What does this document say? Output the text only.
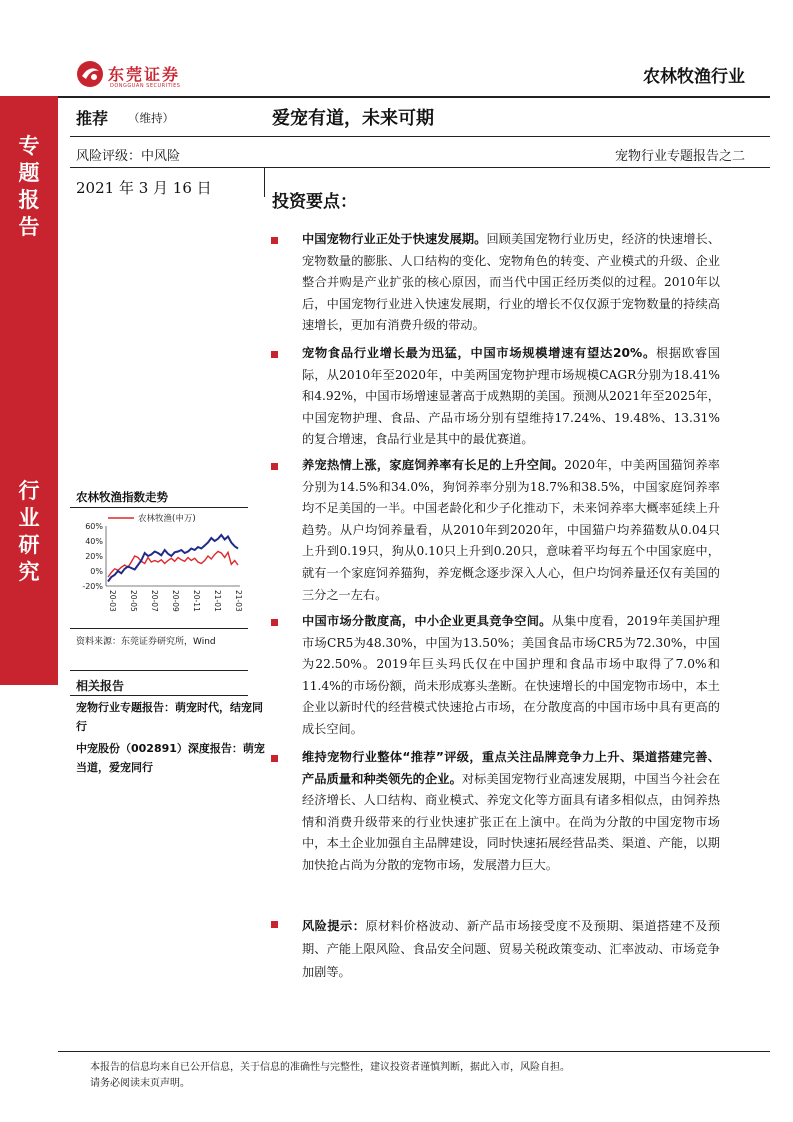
专
题
报
告
行
业
研
究
东莞证券
DONGGUAN SECURITIES	农林牧渔行业
推荐 （维持）	爱宠有道，未来可期
风险评级：中风险	宠物行业专题报告之二
2021 年 3 月 16 日
农林牧渔指数走势
60%
40%
20%
0%
-20%
20-03 20-05 20-07 20-09 20-11 21-01 21-03
农林牧渔(申万)
资料来源：东莞证券研究所，Wind
相关报告
宠物行业专题报告：萌宠时代，结宠同行
中宠股份（002891）深度报告：萌宠当道，爱宠同行
投资要点：
中国宠物行业正处于快速发展期。回顾美国宠物行业历史，经济的快速增长、宠物数量的膨胀、人口结构的变化、宠物角色的转变、产业模式的升级、企业整合并购是产业扩张的核心原因，而当代中国正经历类似的过程。2010年以后，中国宠物行业进入快速发展期，行业的增长不仅仅源于宠物数量的持续高速增长，更加有消费升级的带动。
宠物食品行业增长最为迅猛，中国市场规模增速有望达20%。根据欧睿国际，从2010年至2020年，中美两国宠物护理市场规模CAGR分别为18.41%和4.92%，中国市场增速显著高于成熟期的美国。预测从2021年至2025年，中国宠物护理、食品、产品市场分别有望维持17.24%、19.48%、13.31%的复合增速，食品行业是其中的最优赛道。
养宠热情上涨，家庭饲养率有长足的上升空间。2020年，中美两国猫饲养率分别为14.5%和34.0%，狗饲养率分别为18.7%和38.5%，中国家庭饲养率均不足美国的一半。中国老龄化和少子化推动下，未来饲养率大概率延续上升趋势。从户均饲养量看，从2010年到2020年，中国猫户均养猫数从0.04只上升到0.19只，狗从0.10只上升到0.20只，意味着平均每五个中国家庭中，就有一个家庭饲养猫狗，养宠概念逐步深入人心，但户均饲养量还仅有美国的三分之一左右。
中国市场分散度高，中小企业更具竞争空间。从集中度看，2019年美国护理市场CR5为48.30%，中国为13.50%；美国食品市场CR5为72.30%，中国为22.50%。2019年巨头玛氏仅在中国护理和食品市场中取得了7.0%和11.4%的市场份额，尚未形成寡头垄断。在快速增长的中国宠物市场中，本土企业以新时代的经营模式快速抢占市场，在分散度高的中国市场中具有更高的成长空间。
维持宠物行业整体“推荐”评级，重点关注品牌竞争力上升、渠道搭建完善、产品质量和种类领先的企业。对标美国宠物行业高速发展期，中国当今社会在经济增长、人口结构、商业模式、养宠文化等方面具有诸多相似点，由饲养热情和消费升级带来的行业快速扩张正在上演中。在尚为分散的中国宠物市场中，本土企业加强自主品牌建设，同时快速拓展经营品类、渠道、产能，以期加快抢占尚为分散的宠物市场，发展潜力巨大。
风险提示：原材料价格波动、新产品市场接受度不及预期、渠道搭建不及预期、产能上限风险、食品安全问题、贸易关税政策变动、汇率波动、市场竞争加剧等。
本报告的信息均来自已公开信息，关于信息的准确性与完整性，建议投资者谨慎判断，据此入市，风险自担。
请务必阅读末页声明。
